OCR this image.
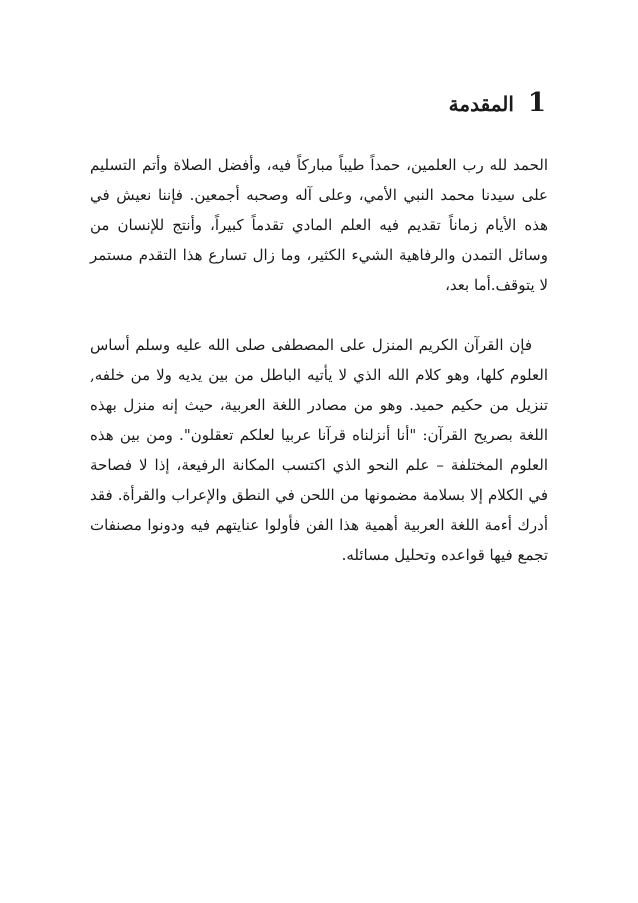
1
المقدمة

الحمد لله رب العلمين، حمداً طيباً مباركاً فيه، وأفضل الصلاة وأتم التسليم على سيدنا محمد النبي الأمي، وعلى آله وصحبه أجمعين. فإننا نعيش في هذه الأيام زماناً تقديم فيه العلم المادي تقدماً كبيراً، وأنتج للإنسان من وسائل التمدن والرفاهية الشيء الكثير، وما زال تسارع هذا التقدم مستمر لا يتوقف.أما بعد،

فإن القرآن الكريم المنزل على المصطفى صلى الله عليه وسلم أساس العلوم كلها، وهو كلام الله الذي لا يأتيه الباطل من بين يديه ولا من خلفه, تنزيل من حكيم حميد. وهو من مصادر اللغة العربية، حيث إنه منزل بهذه اللغة بصريح القرآن: "أنا أنزلناه قرآنا عربيا لعلكم تعقلون". ومن بين هذه العلوم المختلفة – علم النحو الذي اكتسب المكانة الرفيعة، إذا لا فصاحة في الكلام إلا بسلامة مضمونها من اللحن في النطق والإعراب والقرأة. فقد أدرك أءمة اللغة العربية أهمية هذا الفن فأولوا عنايتهم فيه ودونوا مصنفات تجمع فيها قواعده وتحليل مسائله.
